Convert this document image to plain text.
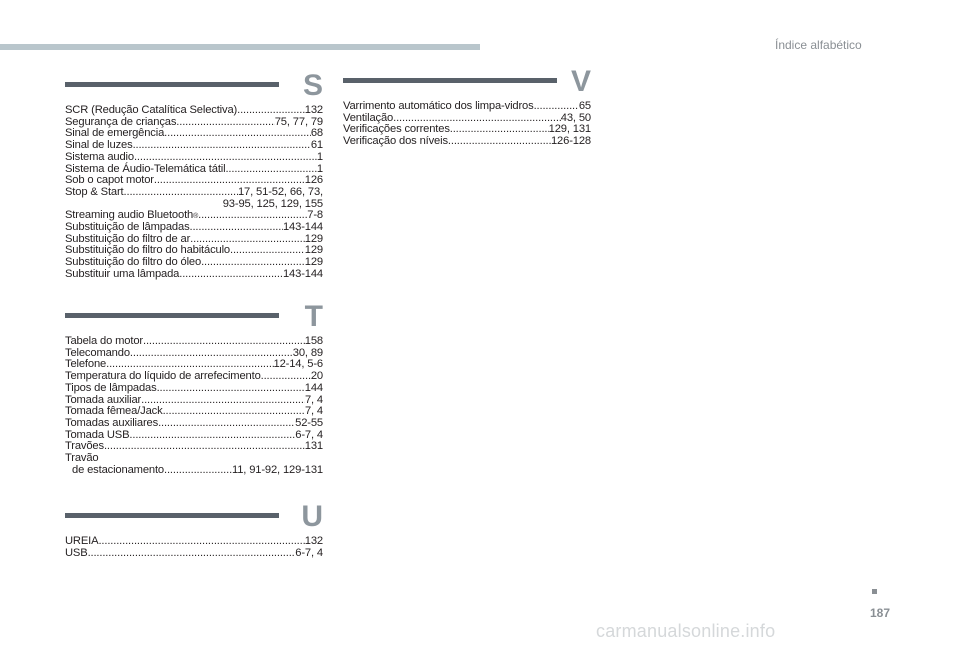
Índice alfabético
S
SCR (Redução Catalítica Selectiva) .....	132
Segurança de crianças .....	75, 77, 79
Sinal de emergência .....	68
Sinal de luzes .....	61
Sistema audio .....	1
Sistema de Áudio-Telemática tátil .....	1
Sob o capot motor .....	126
Stop & Start .....	17, 51-52, 66, 73,
93-95, 125, 129, 155
Streaming audio Bluetooth ® .....	7-8
Substituição de lâmpadas .....	143-144
Substituição do filtro de ar .....	129
Substituição do filtro do habitáculo .....	129
Substituição do filtro do óleo .....	129
Substituir uma lâmpada .....	143-144
T
Tabela do motor .....	158
Telecomando .....	30, 89
Telefone .....	12-14, 5-6
Temperatura do líquido de arrefecimento .....	20
Tipos de lâmpadas .....	144
Tomada auxiliar .....	7, 4
Tomada fêmea/Jack .....	7, 4
Tomadas auxiliares .....	52-55
Tomada USB .....	6-7, 4
Travões .....	131
Travão
de estacionamento .....	11, 91-92, 129-131
U
UREIA .....	132
USB .....	6-7, 4
V
Varrimento automático dos limpa-vidros .....	65
Ventilação .....	43, 50
Verificações correntes .....	129, 131
Verificação dos níveis .....	126-128
187
carmanualsonline.info
